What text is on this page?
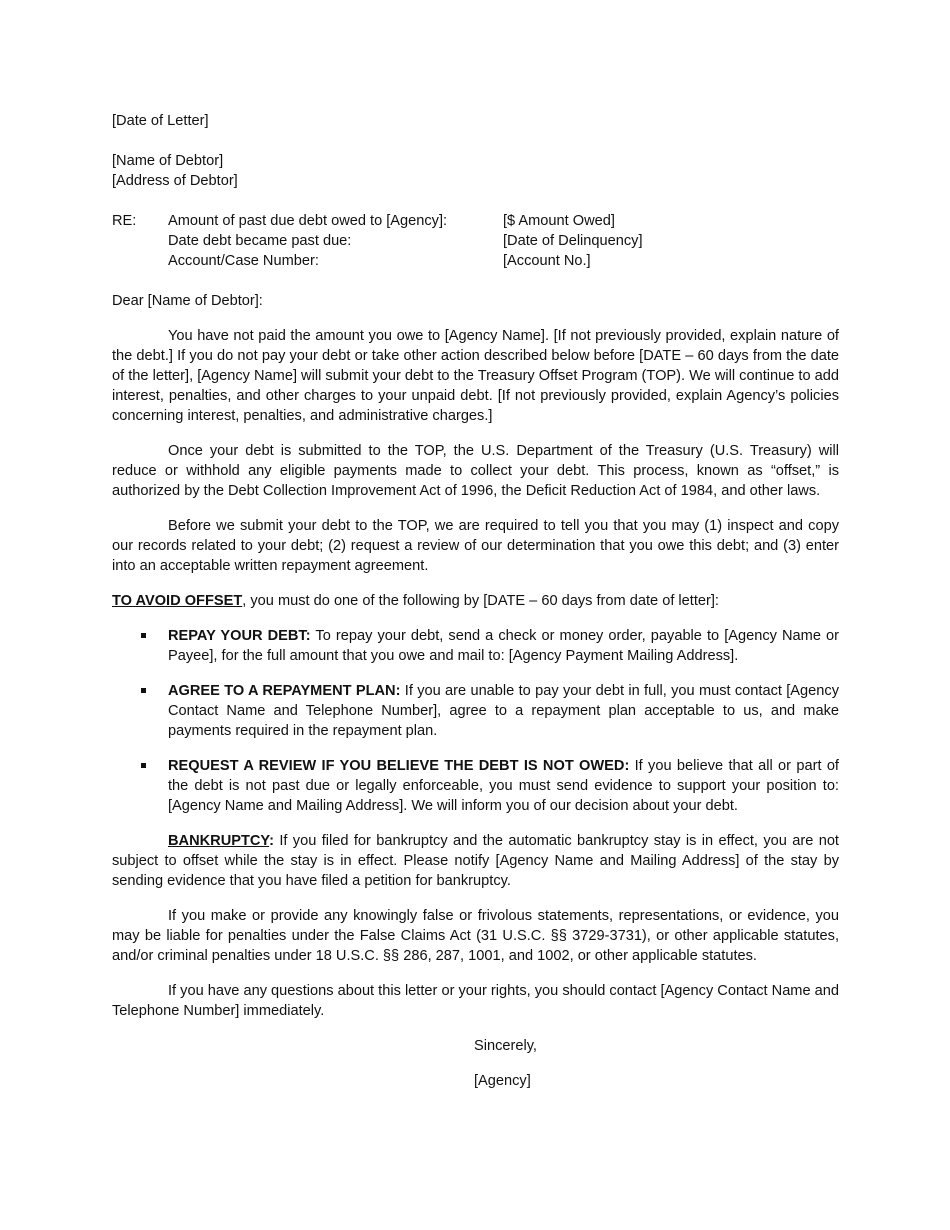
[Date of Letter]
[Name of Debtor]
[Address of Debtor]
RE:	Amount of past due debt owed to [Agency]:	[$ Amount Owed]
Date debt became past due:	[Date of Delinquency]
Account/Case Number:	[Account No.]
Dear [Name of Debtor]:

You have not paid the amount you owe to [Agency Name]. [If not previously provided, explain nature of the debt.] If you do not pay your debt or take other action described below before [DATE – 60 days from the date of the letter], [Agency Name] will submit your debt to the Treasury Offset Program (TOP). We will continue to add interest, penalties, and other charges to your unpaid debt. [If not previously provided, explain Agency’s policies concerning interest, penalties, and administrative charges.]

Once your debt is submitted to the TOP, the U.S. Department of the Treasury (U.S. Treasury) will reduce or withhold any eligible payments made to collect your debt. This process, known as “offset,” is authorized by the Debt Collection Improvement Act of 1996, the Deficit Reduction Act of 1984, and other laws.

Before we submit your debt to the TOP, we are required to tell you that you may (1) inspect and copy our records related to your debt; (2) request a review of our determination that you owe this debt; and (3) enter into an acceptable written repayment agreement.

TO AVOID OFFSET, you must do one of the following by [DATE – 60 days from date of letter]:

REPAY YOUR DEBT: To repay your debt, send a check or money order, payable to [Agency Name or Payee], for the full amount that you owe and mail to: [Agency Payment Mailing Address].
AGREE TO A REPAYMENT PLAN: If you are unable to pay your debt in full, you must contact [Agency Contact Name and Telephone Number], agree to a repayment plan acceptable to us, and make payments required in the repayment plan.
REQUEST A REVIEW IF YOU BELIEVE THE DEBT IS NOT OWED: If you believe that all or part of the debt is not past due or legally enforceable, you must send evidence to support your position to: [Agency Name and Mailing Address]. We will inform you of our decision about your debt.

BANKRUPTCY: If you filed for bankruptcy and the automatic bankruptcy stay is in effect, you are not subject to offset while the stay is in effect. Please notify [Agency Name and Mailing Address] of the stay by sending evidence that you have filed a petition for bankruptcy.

If you make or provide any knowingly false or frivolous statements, representations, or evidence, you may be liable for penalties under the False Claims Act (31 U.S.C. §§ 3729-3731), or other applicable statutes, and/or criminal penalties under 18 U.S.C. §§ 286, 287, 1001, and 1002, or other applicable statutes.

If you have any questions about this letter or your rights, you should contact [Agency Contact Name and Telephone Number] immediately.

Sincerely,
[Agency]
